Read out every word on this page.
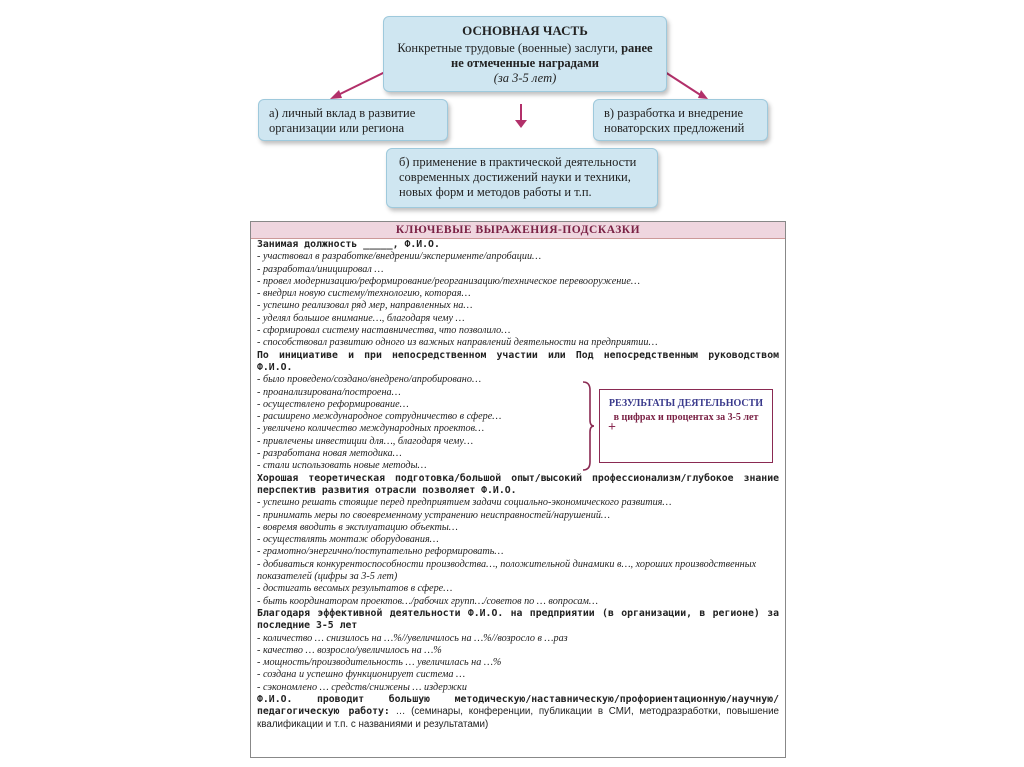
ОСНОВНАЯ ЧАСТЬ
Конкретные трудовые (военные) заслуги, ранее
не отмеченные наградами
(за 3-5 лет)
а) личный вклад в развитие организации или региона
в) разработка и внедрение новаторских предложений
б) применение в практической деятельности современных достижений науки и техники, новых форм и методов работы и т.п.
КЛЮЧЕВЫЕ ВЫРАЖЕНИЯ-ПОДСКАЗКИ
Занимая должность _____, Ф.И.О.
- участвовал в разработке/внедрении/эксперименте/апробации…
- разработал/инициировал …
- провел модернизацию/реформирование/реорганизацию/техническое перевооружение…
- внедрил новую систему/технологию, которая…
- успешно реализовал ряд мер, направленных на…
- уделял большое внимание…, благодаря чему …
- сформировал систему наставничества, что позволило…
- способствовал развитию одного из важных направлений деятельности на предприятии…
По инициативе и при непосредственном участии или Под непосредственным руководством Ф.И.О.
- было проведено/создано/внедрено/апробировано…
- проанализирована/построена…
- осуществлено реформирование…
- расширено международное сотрудничество в сфере…
- увеличено количество международных проектов…
- привлечены инвестиции для…, благодаря чему…
- разработана новая методика…
- стали использовать новые методы…
Хорошая теоретическая подготовка/большой опыт/высокий профессионализм/глубокое знание перспектив развития отрасли позволяет Ф.И.О.
- успешно решать стоящие перед предприятием задачи социально-экономического развития…
- принимать меры по своевременному устранению неисправностей/нарушений…
- вовремя вводить в эксплуатацию объекты…
- осуществлять монтаж оборудования…
- грамотно/энергично/поступательно реформировать…
- добиваться конкурентоспособности производства…, положительной динамики в…, хороших производственных показателей (цифры за 3-5 лет)
- достигать весомых результатов в сфере…
- быть координатором проектов…/рабочих групп…/советов по … вопросам…
Благодаря эффективной деятельности Ф.И.О. на предприятии (в организации, в регионе) за последние 3-5 лет
- количество … снизилось на …%//увеличилось на …%//возросло в …раз
- качество … возросло/увеличилось на …%
- мощность/производительность … увеличилась на …%
- создана и успешно функционирует система …
- сэкономлено … средств/снижены … издержки
Ф.И.О. проводит большую методическую/наставническую/профориентационную/научную/педагогическую работу: … (семинары, конференции, публикации в СМИ, методразработки, повышение квалификации и т.п. с названиями и результатами)
+
РЕЗУЛЬТАТЫ ДЕЯТЕЛЬНОСТИ
в цифрах и процентах за 3-5 лет
